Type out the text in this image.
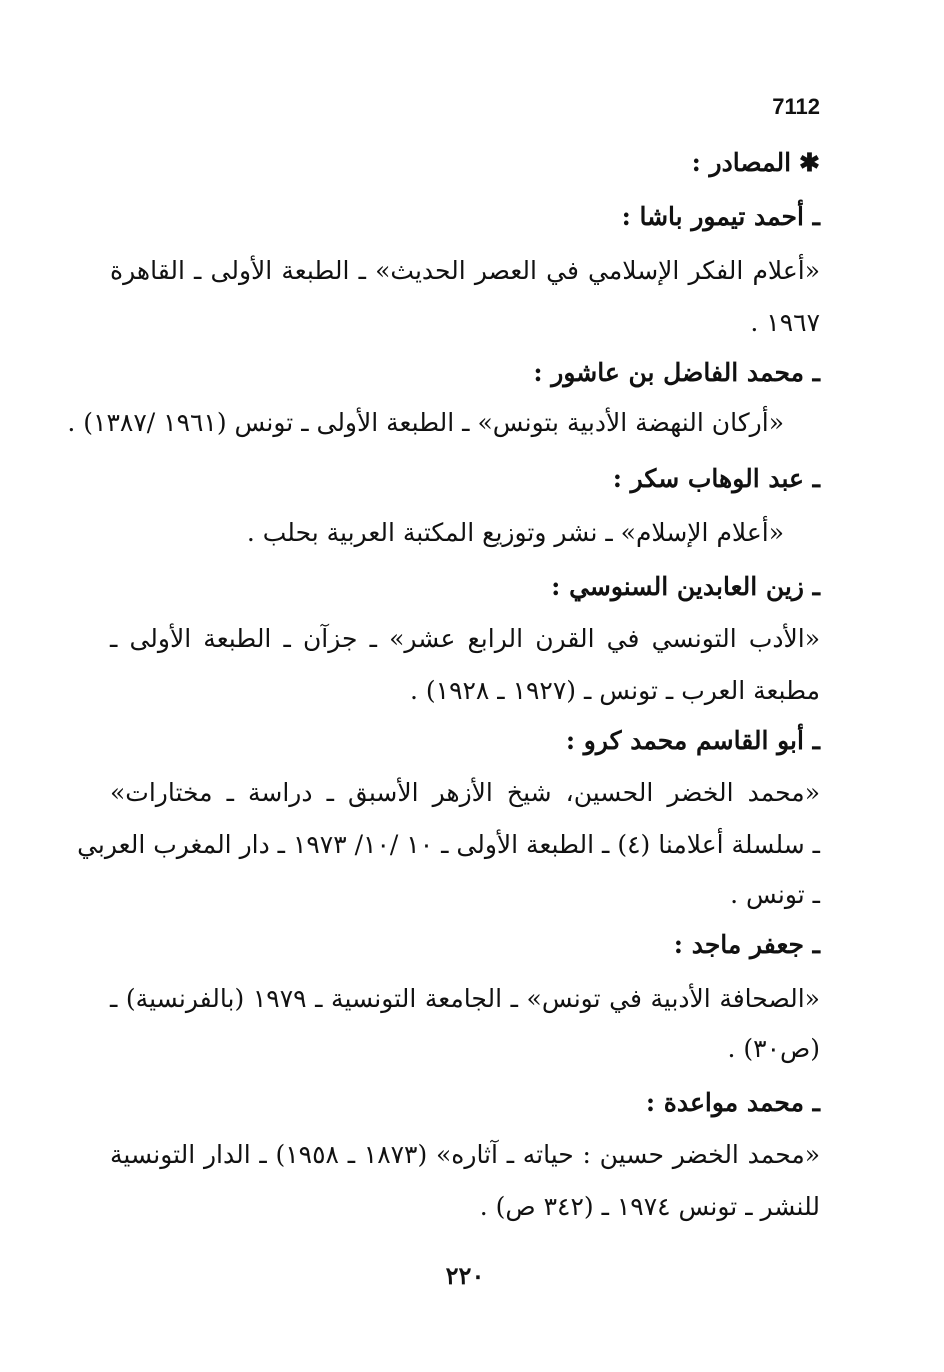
7112
✱المصادر :
ـ أحمد تيمور باشا :
«أعلام الفكر الإسلامي في العصر الحديث» ـ الطبعة الأولى ـ القاهرة
١٩٦٧ .
ـ محمد الفاضل بن عاشور :
«أركان النهضة الأدبية بتونس» ـ الطبعة الأولى ـ تونس (١٩٦١ /١٣٨٧) .
ـ عبد الوهاب سكر :
«أعلام الإسلام» ـ نشر وتوزيع المكتبة العربية بحلب .
ـ زين العابدين السنوسي :
«الأدب التونسي في القرن الرابع عشر» ـ جزآن ـ الطبعة الأولى ـ
مطبعة العرب ـ تونس ـ (١٩٢٧ ـ ١٩٢٨) .
ـ أبو القاسم محمد كرو :
«محمد الخضر الحسين، شيخ الأزهر الأسبق ـ دراسة ـ مختارات»
ـ سلسلة أعلامنا (٤) ـ الطبعة الأولى ـ ١٠ /١٠/ ١٩٧٣ ـ دار المغرب العربي
ـ تونس .
ـ جعفر ماجد :
«الصحافة الأدبية في تونس» ـ الجامعة التونسية ـ ١٩٧٩ (بالفرنسية) ـ
(ص٣٠) .
ـ محمد مواعدة :
«محمد الخضر حسين : حياته ـ آثاره» (١٨٧٣ ـ ١٩٥٨) ـ الدار التونسية
للنشر ـ تونس ١٩٧٤ ـ (٣٤٢ ص) .
٢٢٠
